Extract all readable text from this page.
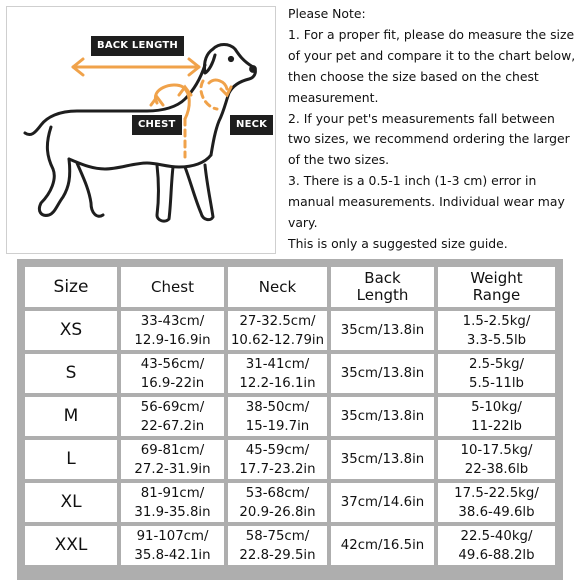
BACK LENGTH
CHEST	NECK

Please Note:

1. For a proper fit, please do measure the size of your pet and compare it to the chart below, then choose the size based on the chest measurement.

2. If your pet's measurements fall between two sizes, we recommend ordering the larger of the two sizes.

3. There is a 0.5-1 inch (1-3 cm) error in manual measurements. Individual wear may vary.

This is only a suggested size guide.

Size	Chest	Neck	Back Length	Weight Range
XS	33-43cm/
12.9-16.9in	27-32.5cm/
10.62-12.79in	35cm/13.8in	1.5-2.5kg/
3.3-5.5lb
S	43-56cm/
16.9-22in	31-41cm/
12.2-16.1in	35cm/13.8in	2.5-5kg/
5.5-11lb
M	56-69cm/
22-67.2in	38-50cm/
15-19.7in	35cm/13.8in	5-10kg/
11-22lb
L	69-81cm/
27.2-31.9in	45-59cm/
17.7-23.2in	35cm/13.8in	10-17.5kg/
22-38.6lb
XL	81-91cm/
31.9-35.8in	53-68cm/
20.9-26.8in	37cm/14.6in	17.5-22.5kg/
38.6-49.6lb
XXL	91-107cm/
35.8-42.1in	58-75cm/
22.8-29.5in	42cm/16.5in	22.5-40kg/
49.6-88.2lb
